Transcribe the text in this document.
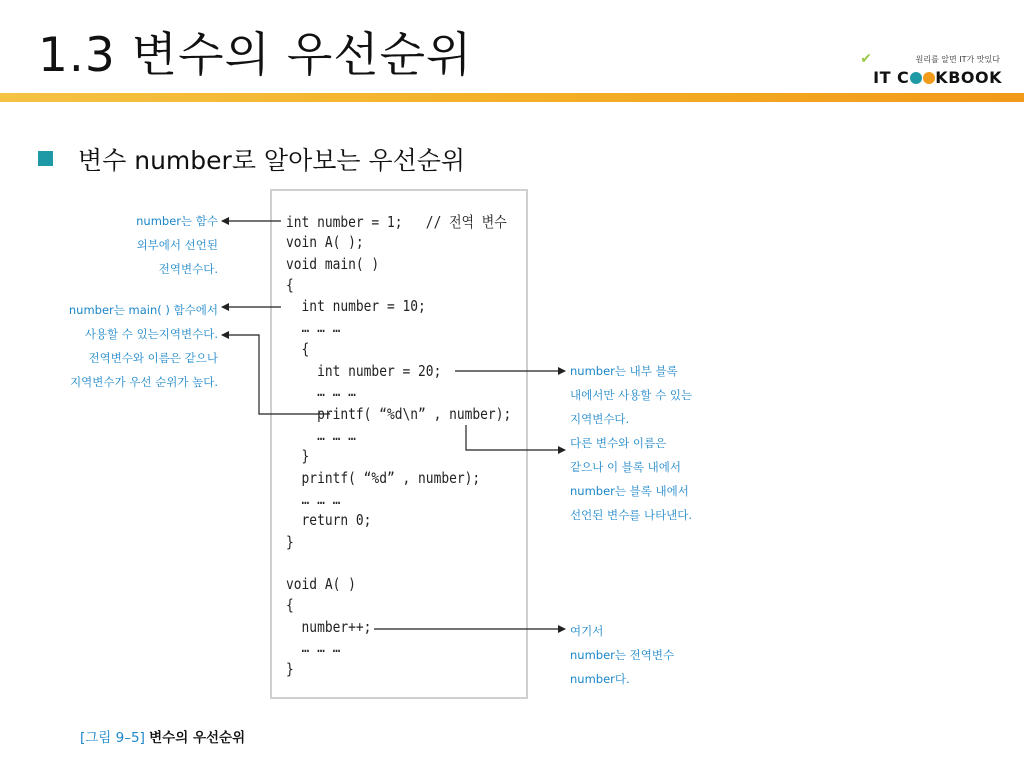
1.3 변수의 우선순위	✔	원리를 알면 IT가 맛있다
IT C KBOOK
변수 number로 알아보는 우선순위
int number = 1;   // 전역 변수
voin A( );
void main( )
{
int number = 10;
… … …
{
int number = 20;
… … …
printf( “%d\n” , number);
… … …
}
printf( “%d” , number);
… … …
return 0;
}
void A( )
{
number++;
… … …
}
number는 함수
외부에서 선언된
전역변수다.
number는 main( ) 함수에서
사용할 수 있는지역변수다.
전역변수와 이름은 같으나
지역변수가 우선 순위가 높다.
number는 내부 블록
내에서만 사용할 수 있는
지역변수다.
다른 변수와 이름은
같으나 이 블록 내에서
number는 블록 내에서
선언된 변수를 나타낸다.
여기서
number는 전역변수
number다.
[그림 9–5] 변수의 우선순위
